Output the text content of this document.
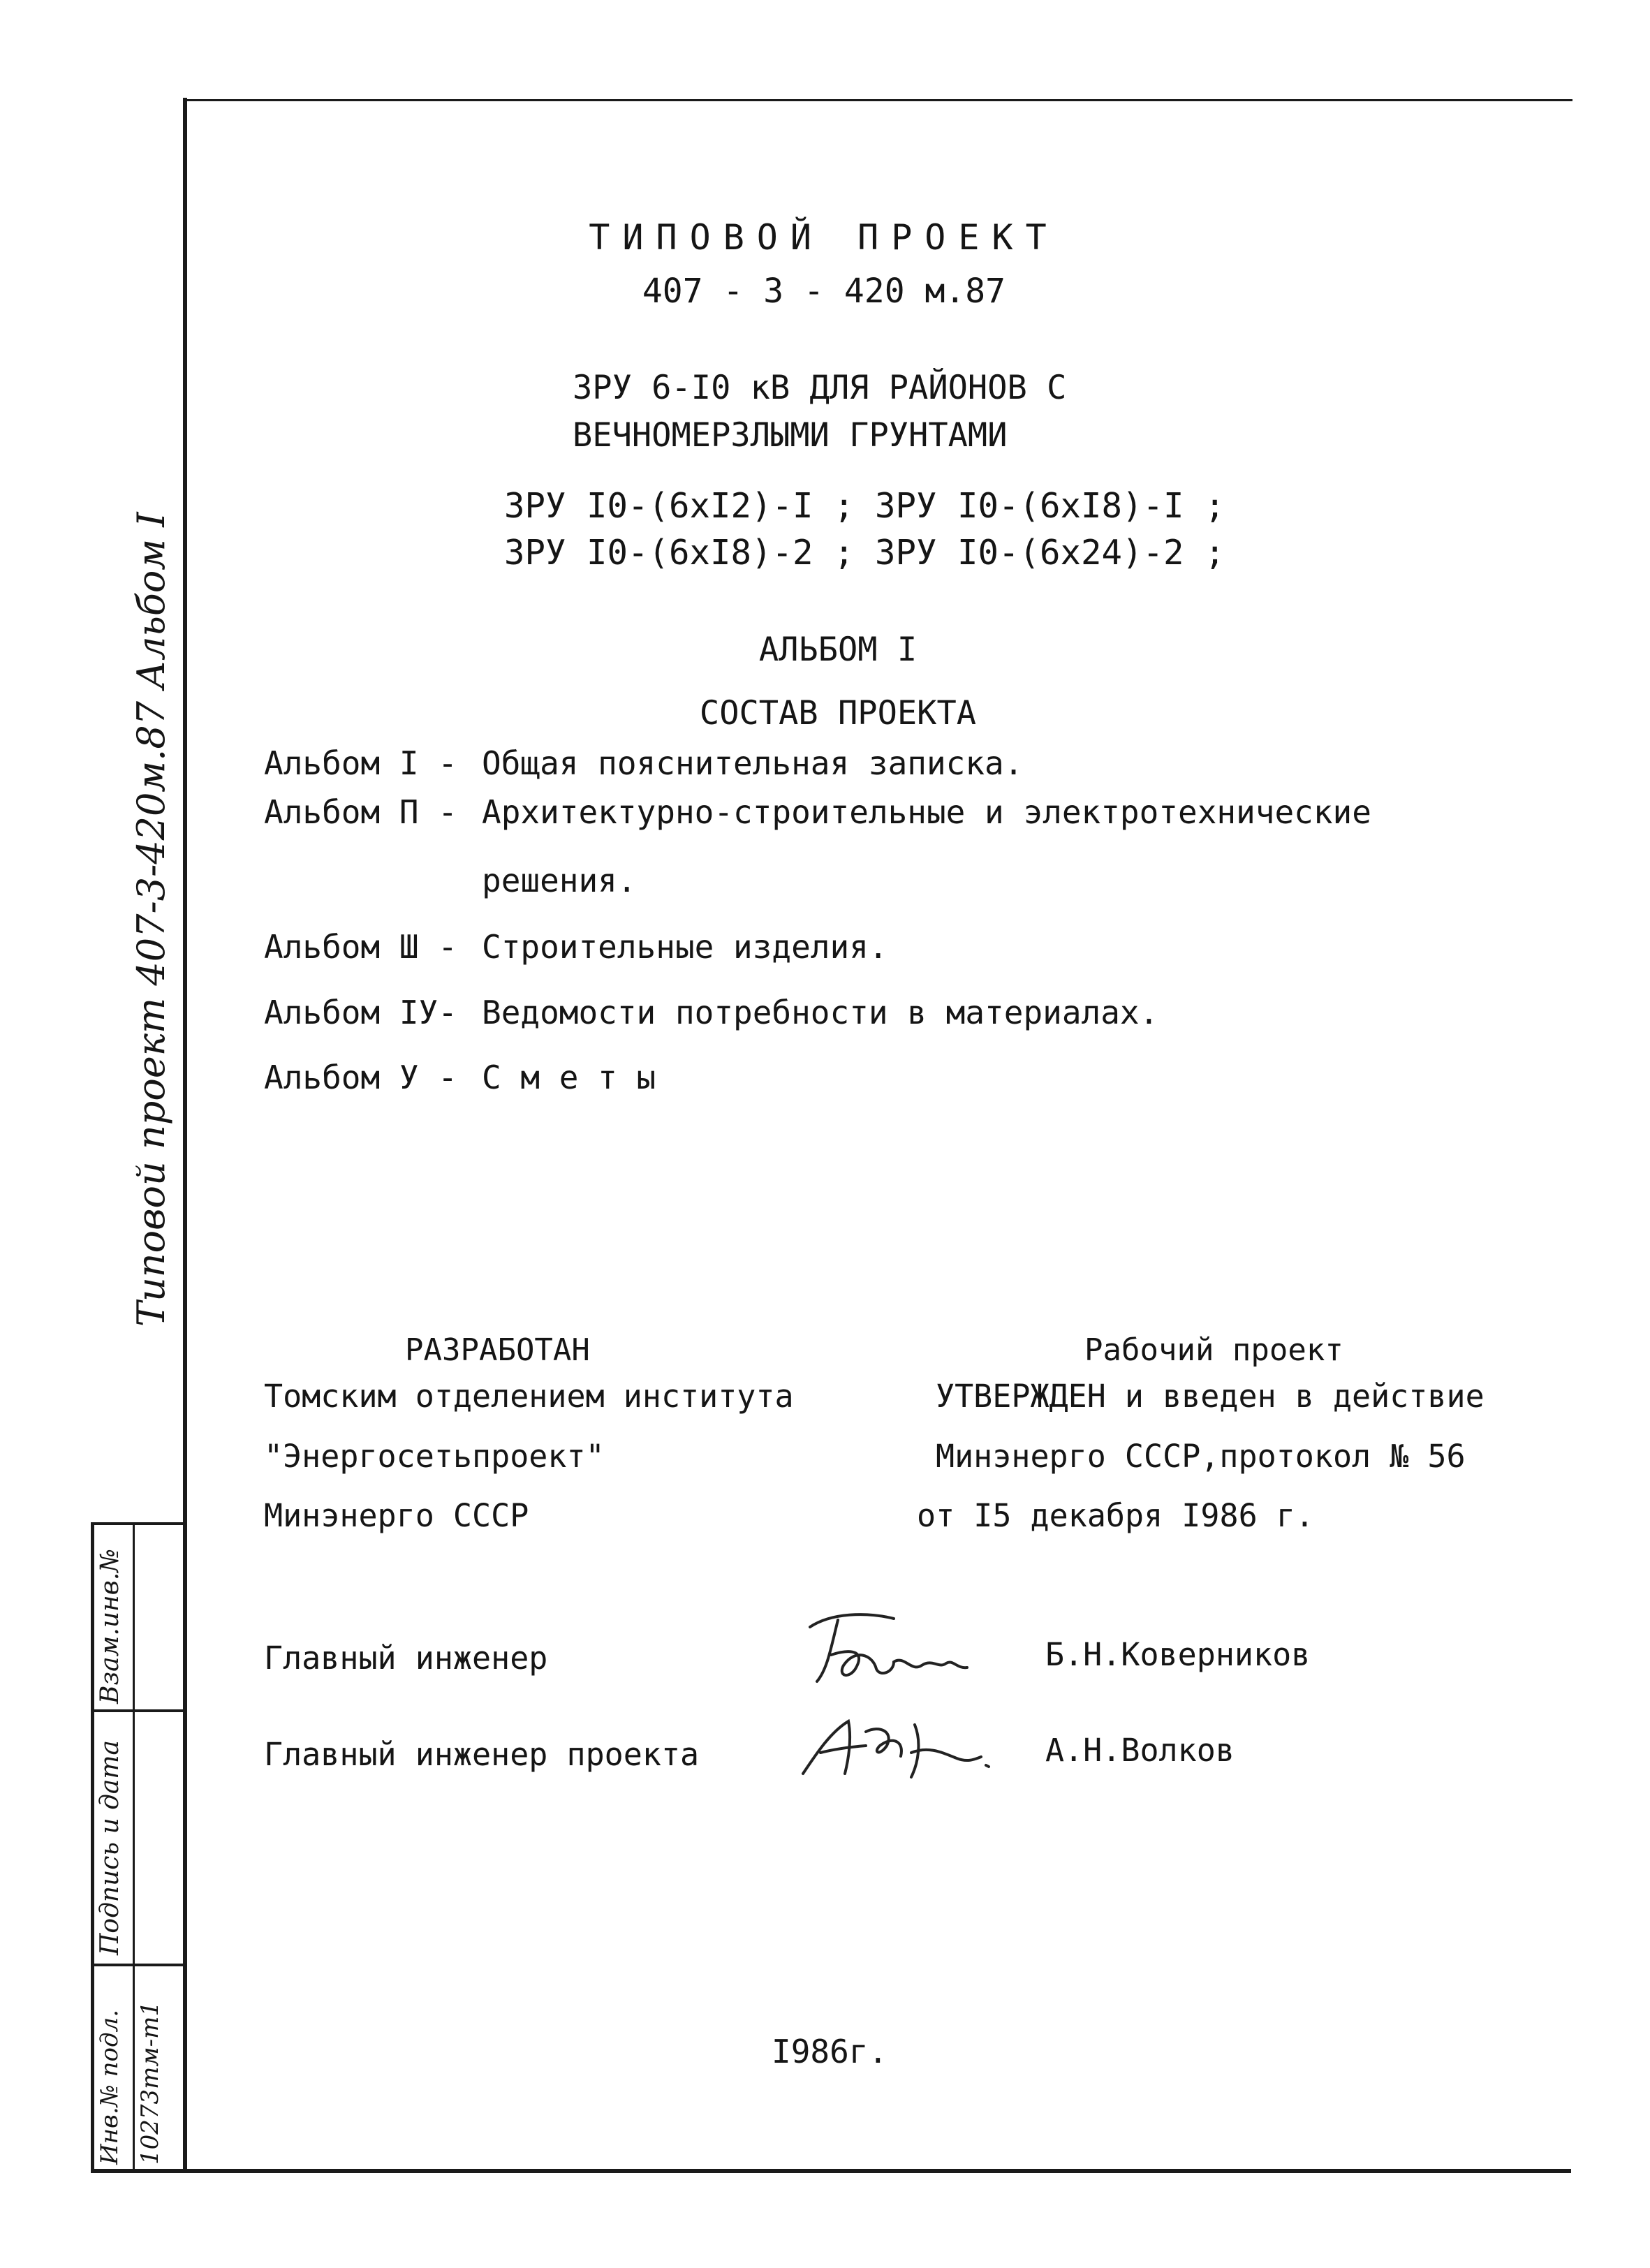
Типовой проект 407-3-420м.87 Альбом I
Взам.инв.№
Подпись и дата
Инв.№ подл. 10273тм-т1
ТИПОВОЙ ПРОЕКТ
407 - 3 - 420 м.87
ЗРУ 6-I0 кВ ДЛЯ РАЙОНОВ С
ВЕЧНОМЕРЗЛЫМИ ГРУНТАМИ
ЗРУ I0-(6xI2)-I ; ЗРУ I0-(6xI8)-I ;
ЗРУ I0-(6xI8)-2 ; ЗРУ I0-(6x24)-2 ;
АЛЬБОМ I
СОСТАВ ПРОЕКТА
Альбом I - Общая пояснительная записка.
Альбом П - Архитектурно-строительные и электротехнические
решения.
Альбом Ш - Строительные изделия.
Альбом IУ- Ведомости потребности в материалах.
Альбом У - С м е т ы
РАЗРАБОТАН
Томским отделением института
"Энергосетьпроект"
Минэнерго СССР
Рабочий проект
УТВЕРЖДЕН и введен в действие
Минэнерго СССР,протокол № 56
от I5 декабря I986 г.
Главный инженер	Б.Н.Коверников
Главный инженер проекта	А.Н.Волков
I986г.
